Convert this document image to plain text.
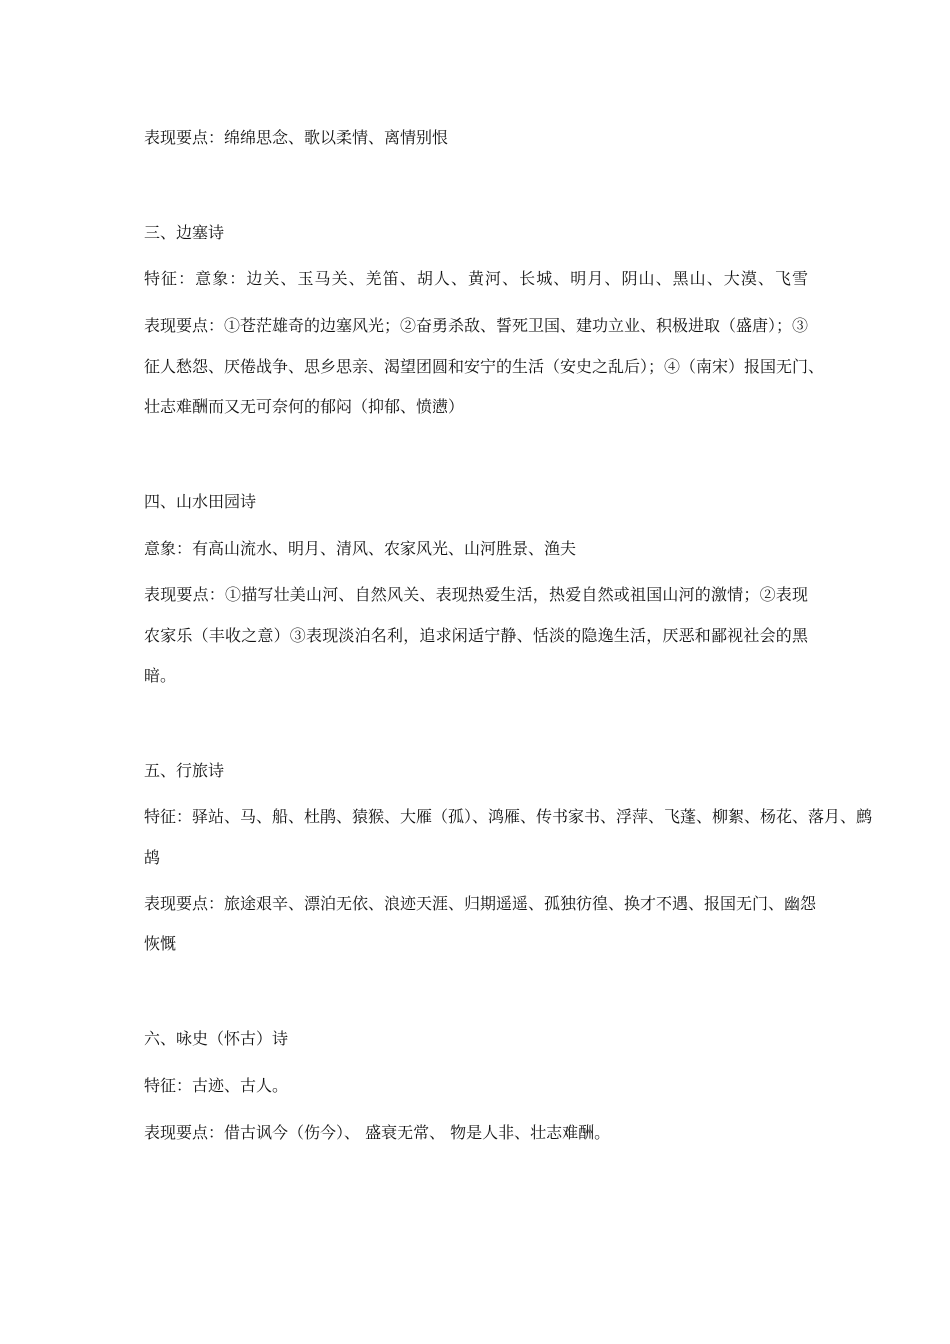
表现要点：绵绵思念、歌以柔情、离情别恨
三、边塞诗
特征：意象：边关、玉马关、羌笛、胡人、黄河、长城、明月、阴山、黑山、大漠、飞雪
表现要点：①苍茫雄奇的边塞风光；②奋勇杀敌、誓死卫国、建功立业、积极进取（盛唐）；③
征人愁怨、厌倦战争、思乡思亲、渴望团圆和安宁的生活（安史之乱后）；④（南宋）报国无门、
壮志难酬而又无可奈何的郁闷（抑郁、愤懑）
四、山水田园诗
意象：有高山流水、明月、清风、农家风光、山河胜景、渔夫
表现要点：①描写壮美山河、自然风关、表现热爱生活，热爱自然或祖国山河的激情；②表现
农家乐（丰收之意）③表现淡泊名利，追求闲适宁静、恬淡的隐逸生活，厌恶和鄙视社会的黑
暗。
五、行旅诗
特征：驿站、马、船、杜鹃、猿猴、大雁（孤）、鸿雁、传书家书、浮萍、飞蓬、柳絮、杨花、落月、鹧
鸪
表现要点：旅途艰辛、漂泊无依、浪迹天涯、归期遥遥、孤独彷徨、换才不遇、报国无门、幽怨
恢慨
六、咏史（怀古）诗
特征：古迹、古人。
表现要点：借古讽今（伤今）、 盛衰无常、 物是人非、壮志难酬。
